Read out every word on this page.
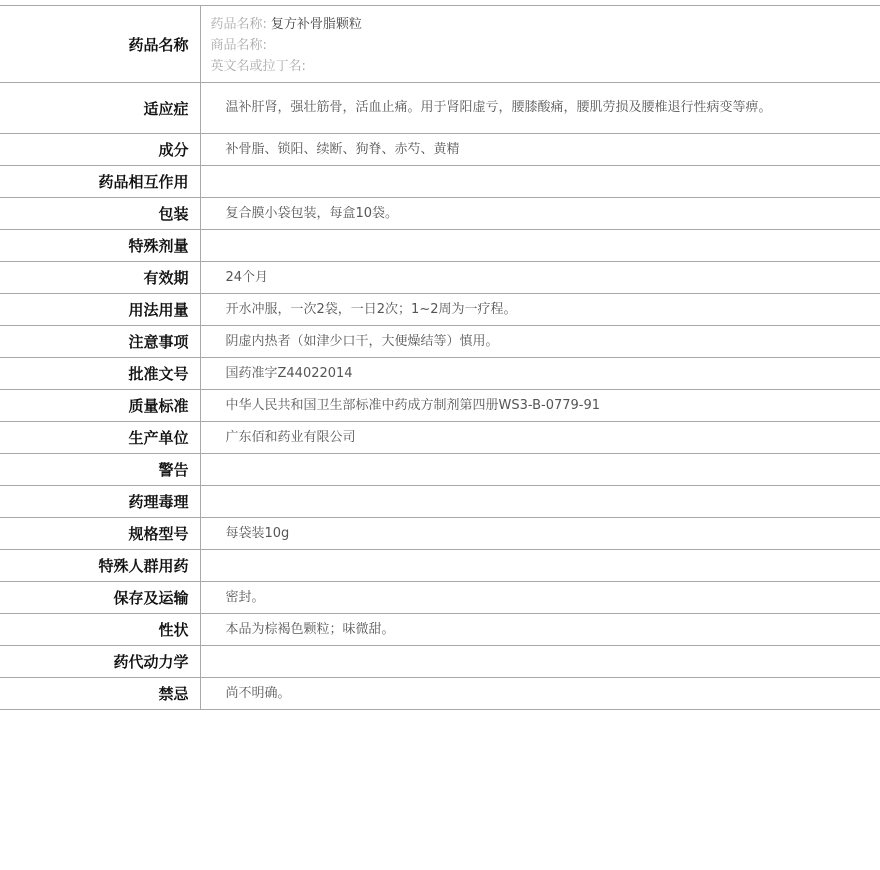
药品名称	药品名称: 复方补骨脂颗粒
商品名称:
英文名或拉丁名:

适应症	温补肝肾，强壮筋骨，活血止痛。用于肾阳虚亏，腰膝酸痛，腰肌劳损及腰椎退行性病变等痹。
成分	补骨脂、锁阳、续断、狗脊、赤芍、黄精
药品相互作用	
包装	复合膜小袋包装，每盒10袋。
特殊剂量	
有效期	24个月
用法用量	开水冲服，一次2袋，一日2次；1~2周为一疗程。
注意事项	阴虚内热者（如津少口干，大便燥结等）慎用。
批准文号	国药准字Z44022014
质量标准	中华人民共和国卫生部标准中药成方制剂第四册WS3-B-0779-91
生产单位	广东佰和药业有限公司
警告	
药理毒理	
规格型号	每袋装10g
特殊人群用药	
保存及运输	密封。
性状	本品为棕褐色颗粒；味微甜。
药代动力学	
禁忌	尚不明确。
